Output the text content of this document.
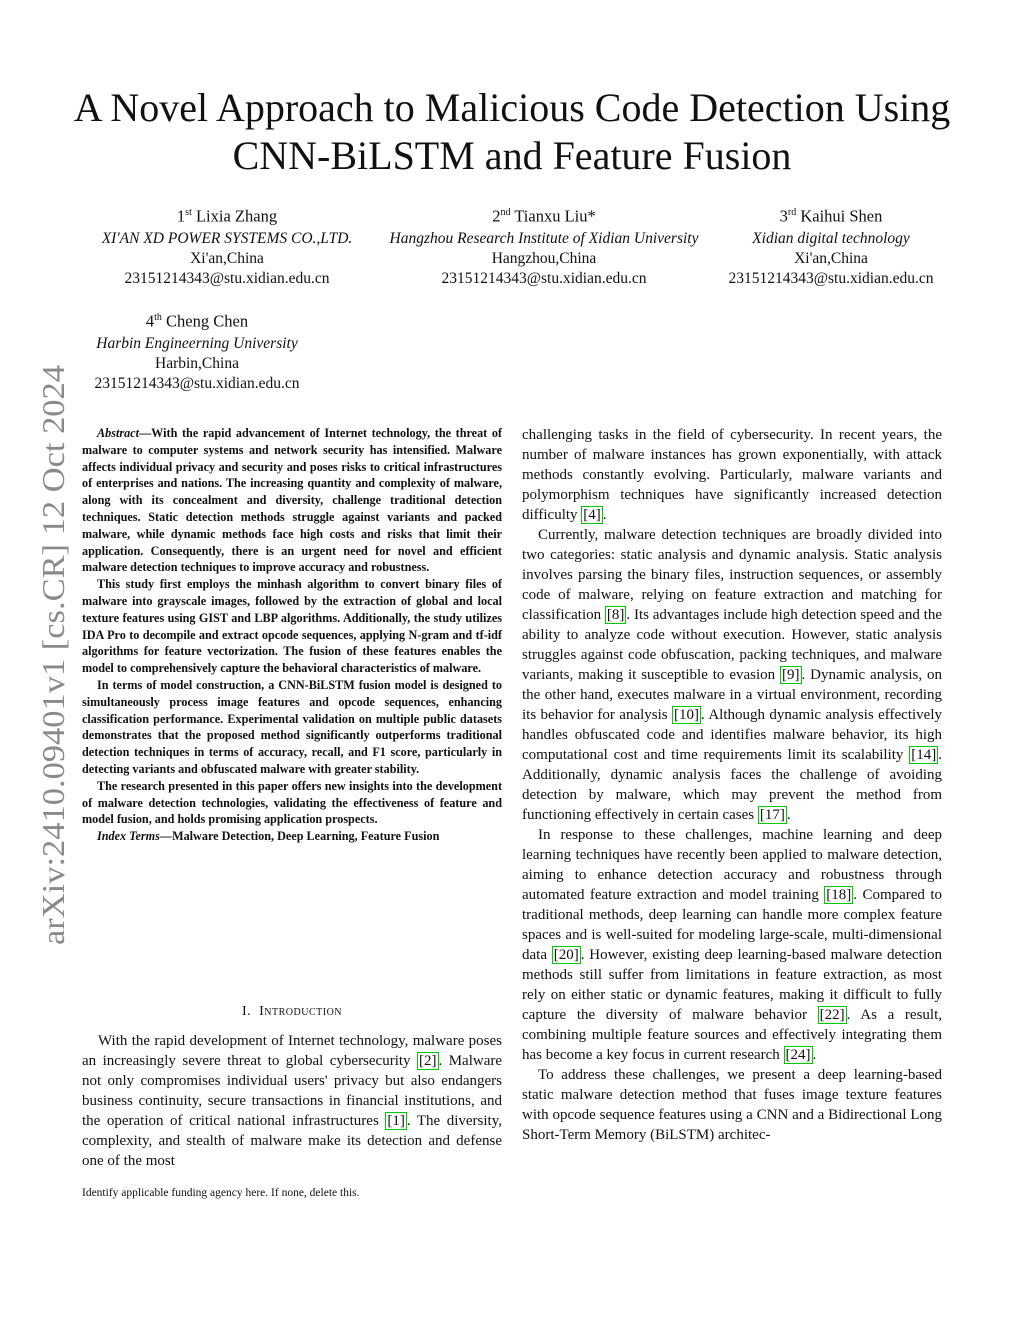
arXiv:2410.09401v1 [cs.CR] 12 Oct 2024
A Novel Approach to Malicious Code Detection Using CNN-BiLSTM and Feature Fusion
1st Lixia Zhang
XI'AN XD POWER SYSTEMS CO.,LTD.
Xi'an,China
23151214343@stu.xidian.edu.cn
2nd Tianxu Liu*
Hangzhou Research Institute of Xidian University
Hangzhou,China
23151214343@stu.xidian.edu.cn
3rd Kaihui Shen
Xidian digital technology
Xi'an,China
23151214343@stu.xidian.edu.cn
4th Cheng Chen
Harbin Engineerning University
Harbin,China
23151214343@stu.xidian.edu.cn

Abstract—With the rapid advancement of Internet technology, the threat of malware to computer systems and network security has intensified. Malware affects individual privacy and security and poses risks to critical infrastructures of enterprises and nations. The increasing quantity and complexity of malware, along with its concealment and diversity, challenge traditional detection techniques. Static detection methods struggle against variants and packed malware, while dynamic methods face high costs and risks that limit their application. Consequently, there is an urgent need for novel and efficient malware detection techniques to improve accuracy and robustness.

This study first employs the minhash algorithm to convert binary files of malware into grayscale images, followed by the extraction of global and local texture features using GIST and LBP algorithms. Additionally, the study utilizes IDA Pro to decompile and extract opcode sequences, applying N-gram and tf-idf algorithms for feature vectorization. The fusion of these features enables the model to comprehensively capture the behavioral characteristics of malware.

In terms of model construction, a CNN-BiLSTM fusion model is designed to simultaneously process image features and opcode sequences, enhancing classification performance. Experimental validation on multiple public datasets demonstrates that the proposed method significantly outperforms traditional detection techniques in terms of accuracy, recall, and F1 score, particularly in detecting variants and obfuscated malware with greater stability.

The research presented in this paper offers new insights into the development of malware detection technologies, validating the effectiveness of feature and model fusion, and holds promising application prospects.

Index Terms—Malware Detection, Deep Learning, Feature Fusion

I. Introduction

With the rapid development of Internet technology, malware poses an increasingly severe threat to global cybersecurity [2] . Malware not only compromises individual users' privacy but also endangers business continuity, secure transactions in financial institutions, and the operation of critical national infrastructures [1] . The diversity, complexity, and stealth of malware make its detection and defense one of the most

Identify applicable funding agency here. If none, delete this.

challenging tasks in the field of cybersecurity. In recent years, the number of malware instances has grown exponentially, with attack methods constantly evolving. Particularly, malware variants and polymorphism techniques have significantly increased detection difficulty [4] .

Currently, malware detection techniques are broadly divided into two categories: static analysis and dynamic analysis. Static analysis involves parsing the binary files, instruction sequences, or assembly code of malware, relying on feature extraction and matching for classification [8] . Its advantages include high detection speed and the ability to analyze code without execution. However, static analysis struggles against code obfuscation, packing techniques, and malware variants, making it susceptible to evasion [9] . Dynamic analysis, on the other hand, executes malware in a virtual environment, recording its behavior for analysis [10] . Although dynamic analysis effectively handles obfuscated code and identifies malware behavior, its high computational cost and time requirements limit its scalability [14] . Additionally, dynamic analysis faces the challenge of avoiding detection by malware, which may prevent the method from functioning effectively in certain cases [17] .

In response to these challenges, machine learning and deep learning techniques have recently been applied to malware detection, aiming to enhance detection accuracy and robustness through automated feature extraction and model training [18] . Compared to traditional methods, deep learning can handle more complex feature spaces and is well-suited for modeling large-scale, multi-dimensional data [20] . However, existing deep learning-based malware detection methods still suffer from limitations in feature extraction, as most rely on either static or dynamic features, making it difficult to fully capture the diversity of malware behavior [22] . As a result, combining multiple feature sources and effectively integrating them has become a key focus in current research [24] .

To address these challenges, we present a deep learning-based static malware detection method that fuses image texture features with opcode sequence features using a CNN and a Bidirectional Long Short-Term Memory (BiLSTM) architec-
